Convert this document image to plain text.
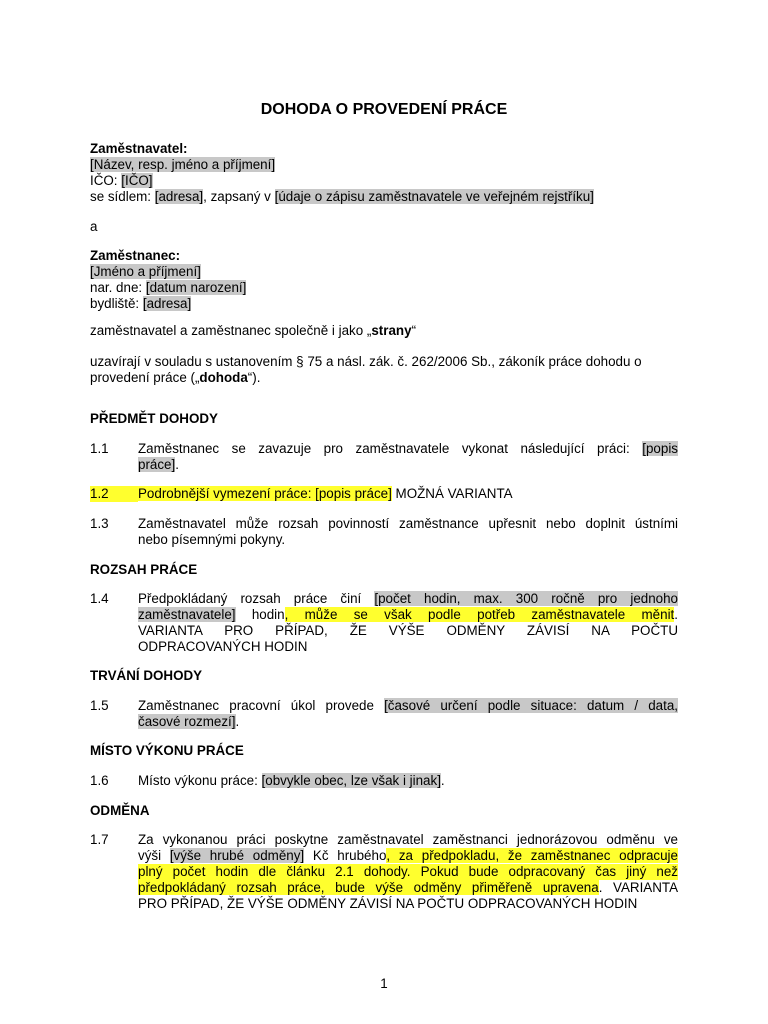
DOHODA O PROVEDENÍ PRÁCE
Zaměstnavatel:
[Název, resp. jméno a příjmení]
IČO: [IČO]
se sídlem: [adresa], zapsaný v [údaje o zápisu zaměstnavatele ve veřejném rejstříku]
a
Zaměstnanec:
[Jméno a příjmení]
nar. dne: [datum narození]
bydliště: [adresa]
zaměstnavatel a zaměstnanec společně i jako „strany“
uzavírají v souladu s ustanovením § 75 a násl. zák. č. 262/2006 Sb., zákoník práce dohodu o
provedení práce („dohoda“).
PŘEDMĚT DOHODY
1.1	Zaměstnanec se zavazuje pro zaměstnavatele vykonat následující práci: [popis
práce].
1.2	Podrobnější vymezení práce: [popis práce] MOŽNÁ VARIANTA
1.3	Zaměstnavatel může rozsah povinností zaměstnance upřesnit nebo doplnit ústními
nebo písemnými pokyny.
ROZSAH PRÁCE
1.4	Předpokládaný rozsah práce činí [počet hodin, max. 300 ročně pro jednoho
zaměstnavatele] hodin, může se však podle potřeb zaměstnavatele měnit.
VARIANTA PRO PŘÍPAD, ŽE VÝŠE ODMĚNY ZÁVISÍ NA POČTU
ODPRACOVANÝCH HODIN
TRVÁNÍ DOHODY
1.5	Zaměstnanec pracovní úkol provede [časové určení podle situace: datum / data,
časové rozmezí].
MÍSTO VÝKONU PRÁCE
1.6	Místo výkonu práce: [obvykle obec, lze však i jinak].
ODMĚNA
1.7	Za vykonanou práci poskytne zaměstnavatel zaměstnanci jednorázovou odměnu ve
výši [výše hrubé odměny] Kč hrubého, za předpokladu, že zaměstnanec odpracuje
plný počet hodin dle článku 2.1 dohody. Pokud bude odpracovaný čas jiný než
předpokládaný rozsah práce, bude výše odměny přiměřeně upravena. VARIANTA
PRO PŘÍPAD, ŽE VÝŠE ODMĚNY ZÁVISÍ NA POČTU ODPRACOVANÝCH HODIN
1
